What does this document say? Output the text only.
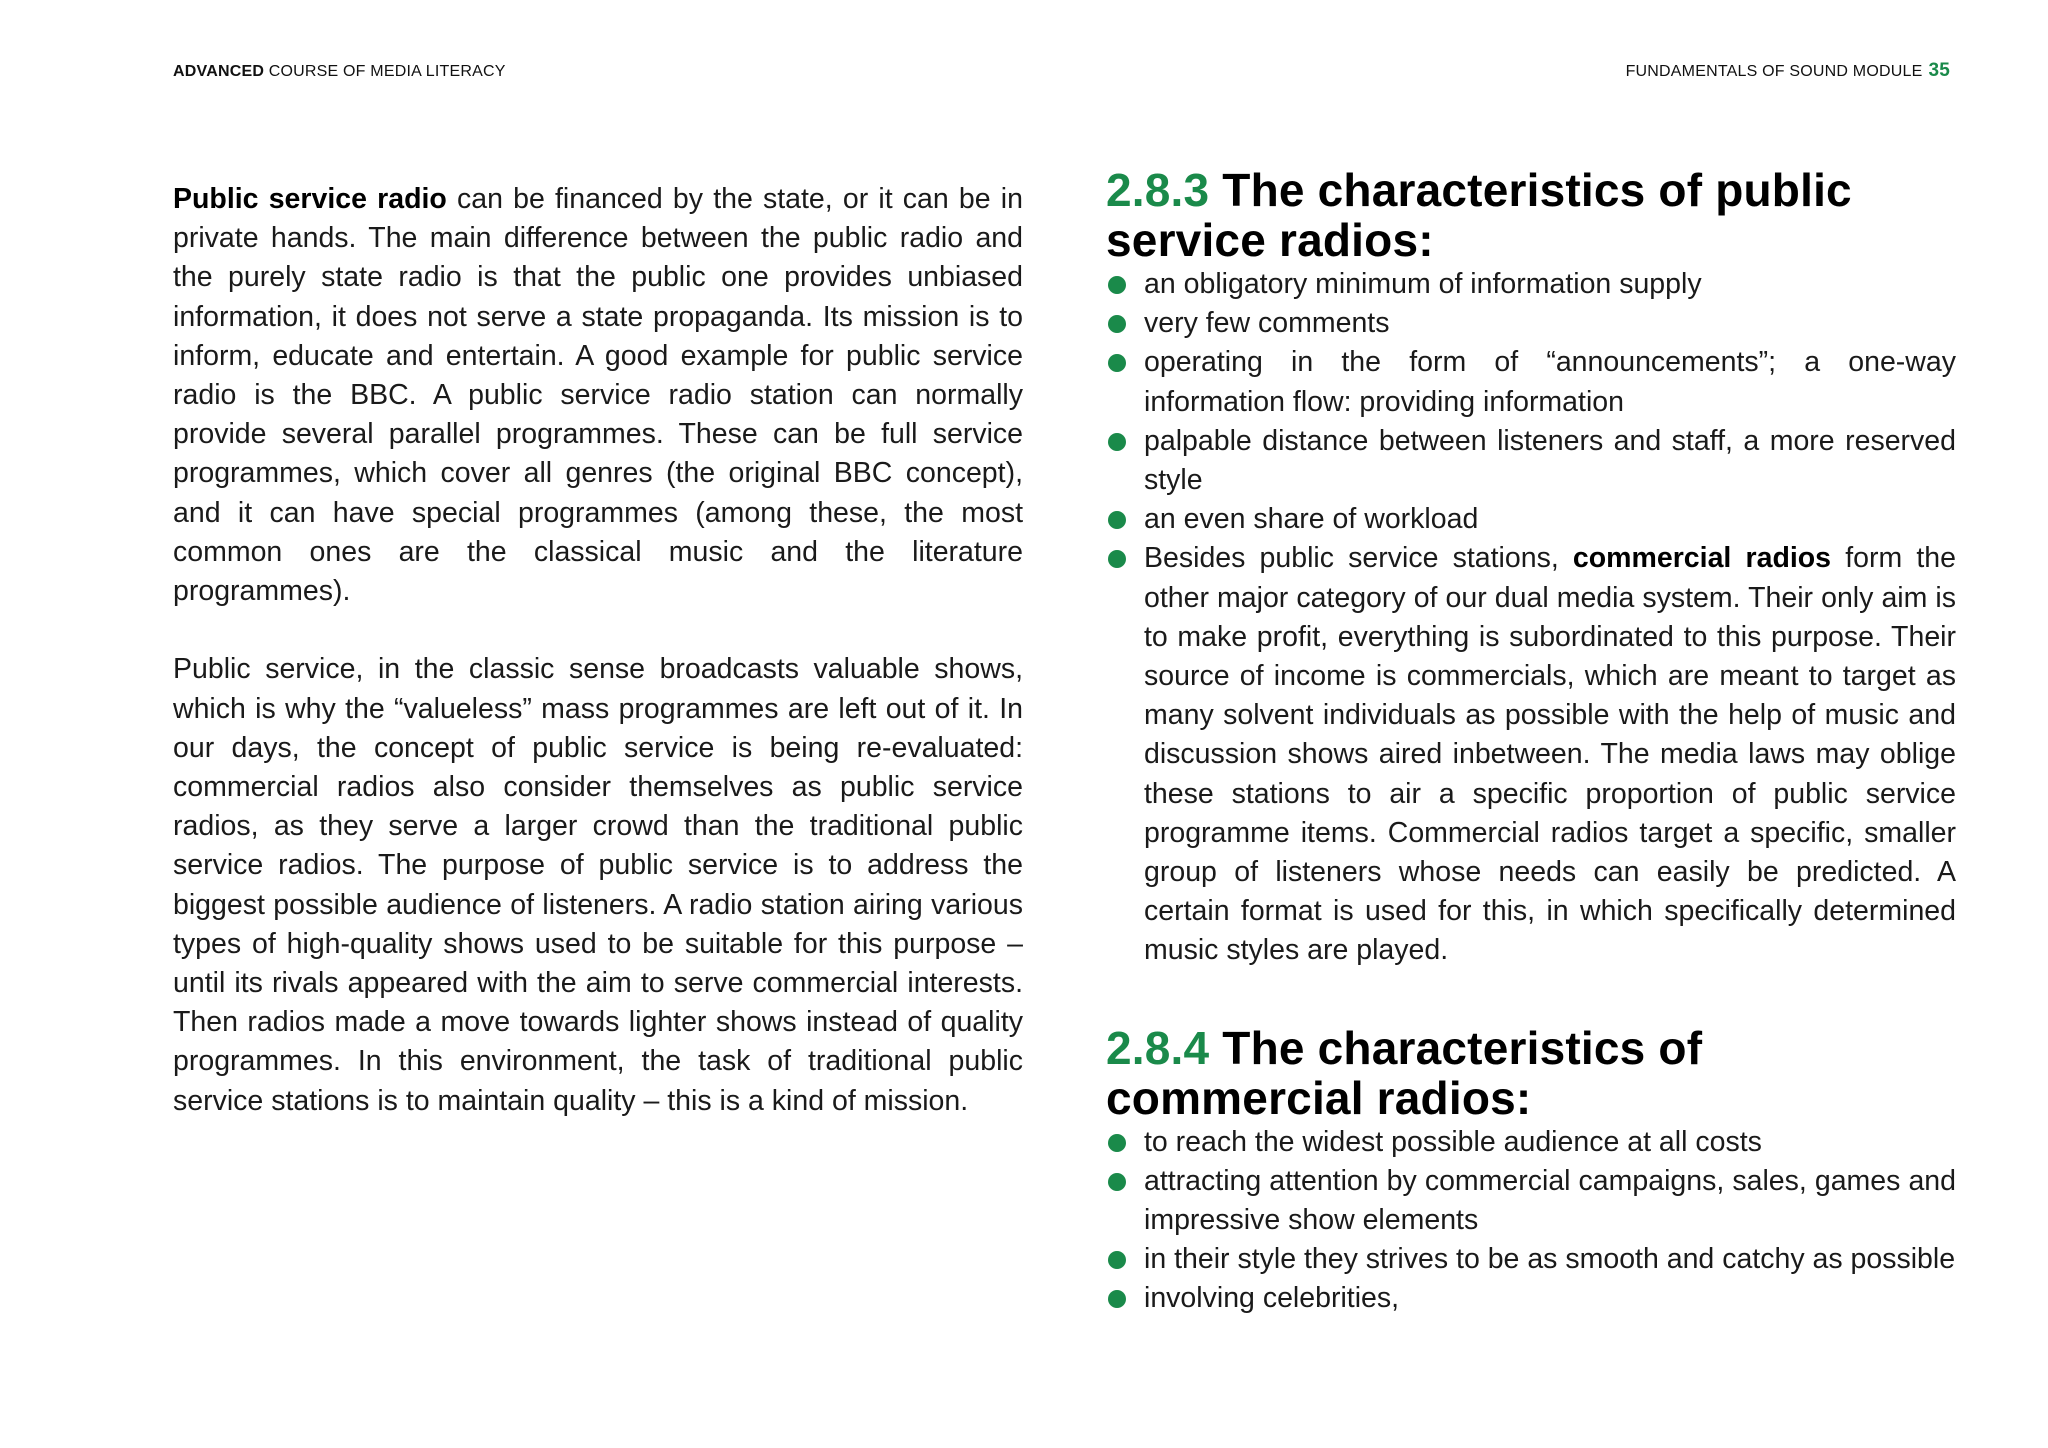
ADVANCED COURSE OF MEDIA LITERACY	FUNDAMENTALS OF SOUND MODULE 35

Public service radio can be financed by the state, or it can be in private hands. The main difference between the public radio and the purely state radio is that the public one provides unbiased information, it does not serve a state propaganda. Its mission is to inform, educate and entertain. A good example for public service radio is the BBC. A public service radio station can normally provide several parallel programmes. These can be full service programmes, which cover all genres (the original BBC concept), and it can have special programmes (among these, the most common ones are the classical music and the literature programmes).

Public service, in the classic sense broadcasts valuable shows, which is why the “valueless” mass programmes are left out of it. In our days, the concept of public service is being re-evaluated: commercial radios also consider themselves as public service radios, as they serve a larger crowd than the traditional public service radios. The purpose of public service is to address the biggest possible audience of listeners. A radio station airing various types of high-quality shows used to be suitable for this purpose – until its rivals appeared with the aim to serve commercial interests. Then radios made a move towards lighter shows instead of quality programmes. In this environment, the task of traditional public service stations is to maintain quality – this is a kind of mission.

2.8.3 The characteristics of public service radios:
an obligatory minimum of information supply
very few comments
operating in the form of “announcements”; a one-way information flow: providing information
palpable distance between listeners and staff, a more reserved style
an even share of workload
Besides public service stations, commercial radios form the other major category of our dual media system. Their only aim is to make profit, everything is subordinated to this purpose. Their source of income is commercials, which are meant to target as many solvent individuals as possible with the help of music and discussion shows aired inbetween. The media laws may oblige these stations to air a specific proportion of public service programme items. Commercial radios target a specific, smaller group of listeners whose needs can easily be predicted. A certain format is used for this, in which specifically determined music styles are played.
2.8.4 The characteristics of commercial radios:
to reach the widest possible audience at all costs
attracting attention by commercial campaigns, sales, games and impressive show elements
in their style they strives to be as smooth and catchy as possible
involving celebrities,
